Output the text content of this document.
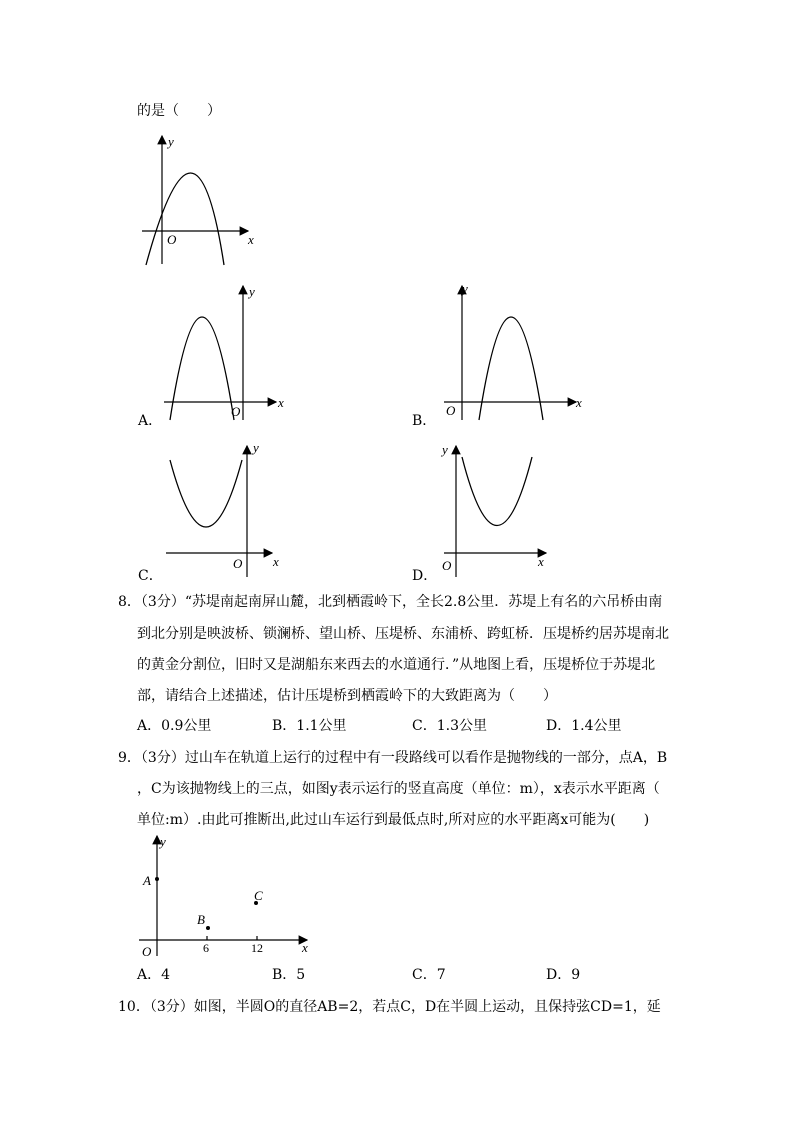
的是（　　）
y
x
O
y
x
O
A．
y
x
O
B．
y
x
O
C．
y
x
O
D．
8．（3分）“苏堤南起南屏山麓，北到栖霞岭下，全长2.8公里．苏堤上有名的六吊桥由南
到北分别是映波桥、锁澜桥、望山桥、压堤桥、东浦桥、跨虹桥．压堤桥约居苏堤南北
的黄金分割位，旧时又是湖船东来西去的水道通行．”从地图上看，压堤桥位于苏堤北
部，请结合上述描述，估计压堤桥到栖霞岭下的大致距离为（　　）
A．0.9公里	B．1.1公里	C．1.3公里	D．1.4公里
9．（3分）过山车在轨道上运行的过程中有一段路线可以看作是抛物线的一部分，点A，B
，C为该抛物线上的三点，如图y表示运行的竖直高度（单位：m），x表示水平距离（
单位:m）.由此可推断出,此过山车运行到最低点时,所对应的水平距离x可能为(　　)
A
B
C
6	12
y
x
O
A．4	B．5	C．7	D．9
10．（3分）如图，半圆O的直径AB=2，若点C，D在半圆上运动，且保持弦CD=1，延
